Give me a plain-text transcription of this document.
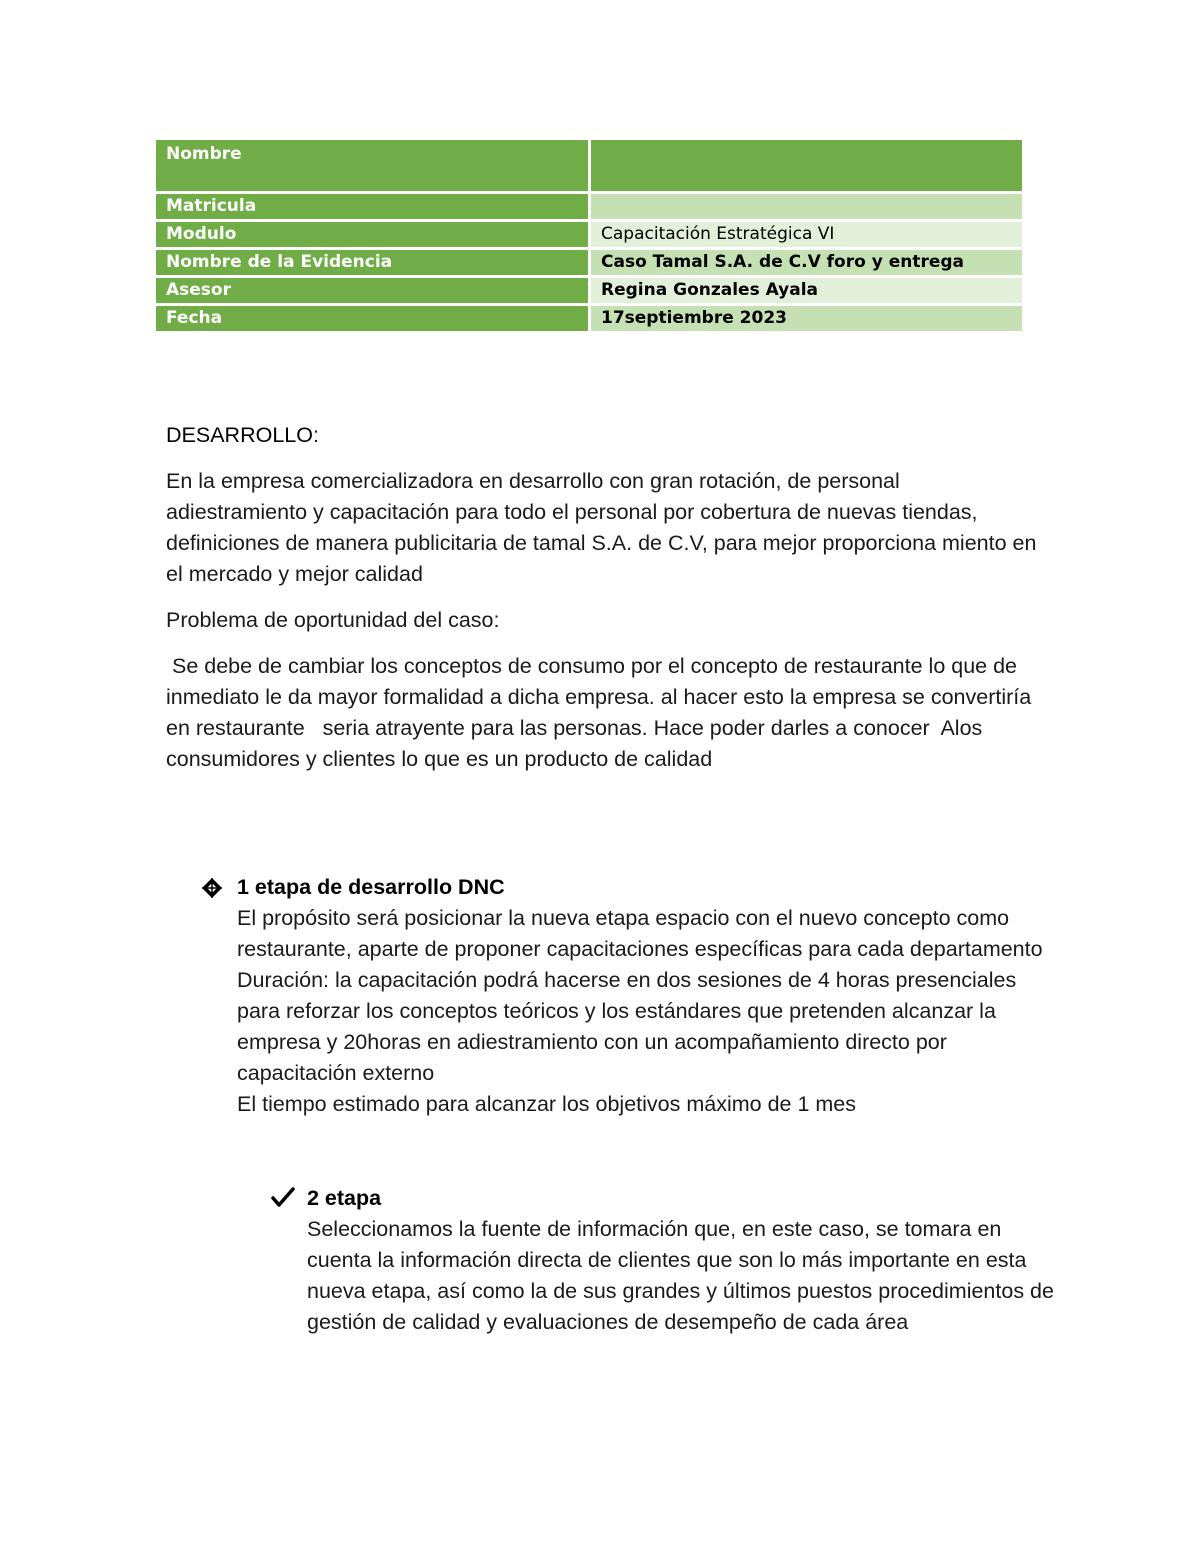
Nombre	
Matricula	
Modulo	Capacitación Estratégica VI
Nombre de la Evidencia	Caso Tamal S.A. de C.V foro y entrega
Asesor	Regina Gonzales Ayala
Fecha	17septiembre 2023

DESARROLLO:

En la empresa comercializadora en desarrollo con gran rotación, de personal adiestramiento y capacitación para todo el personal por cobertura de nuevas tiendas, definiciones de manera publicitaria de tamal S.A. de C.V, para mejor proporciona miento en el mercado y mejor calidad

Problema de oportunidad del caso:

Se debe de cambiar los conceptos de consumo por el concepto de restaurante lo que de inmediato le da mayor formalidad a dicha empresa. al hacer esto la empresa se convertiría en restaurante   seria atrayente para las personas. Hace poder darles a conocer  Alos consumidores y clientes lo que es un producto de calidad

1 etapa de desarrollo DNC
El propósito será posicionar la nueva etapa espacio con el nuevo concepto como restaurante, aparte de proponer capacitaciones específicas para cada departamento
Duración: la capacitación podrá hacerse en dos sesiones de 4 horas presenciales para reforzar los conceptos teóricos y los estándares que pretenden alcanzar la empresa y 20horas en adiestramiento con un acompañamiento directo por capacitación externo
El tiempo estimado para alcanzar los objetivos máximo de 1 mes
2 etapa
Seleccionamos la fuente de información que, en este caso, se tomara en cuenta la información directa de clientes que son lo más importante en esta nueva etapa, así como la de sus grandes y últimos puestos procedimientos de gestión de calidad y evaluaciones de desempeño de cada área
